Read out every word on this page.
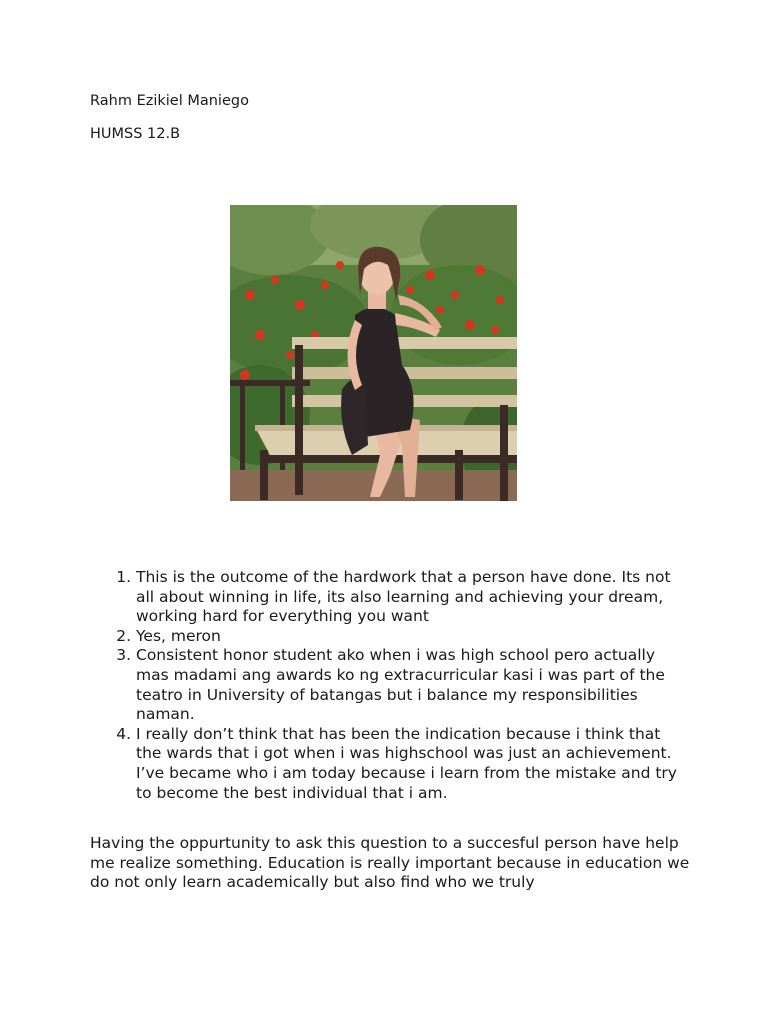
Rahm Ezikiel Maniego
HUMSS 12.B
1. This is the outcome of the hardwork that a person have done. Its not all about winning in life, its also learning and achieving your dream, working hard for everything you want
2. Yes, meron
3. Consistent honor student ako when i was high school pero actually mas madami ang awards ko ng extracurricular kasi i was part of the teatro in University of batangas but i balance my responsibilities naman.
4. I really don’t think that has been the indication because i think that the wards that i got when i was highschool was just an achievement. I’ve became who i am today because i learn from the mistake and try to become the best individual that i am.

Having the oppurtunity to ask this question to a succesful person have help me realize something. Education is really important because in education we do not only learn academically but also find who we truly
